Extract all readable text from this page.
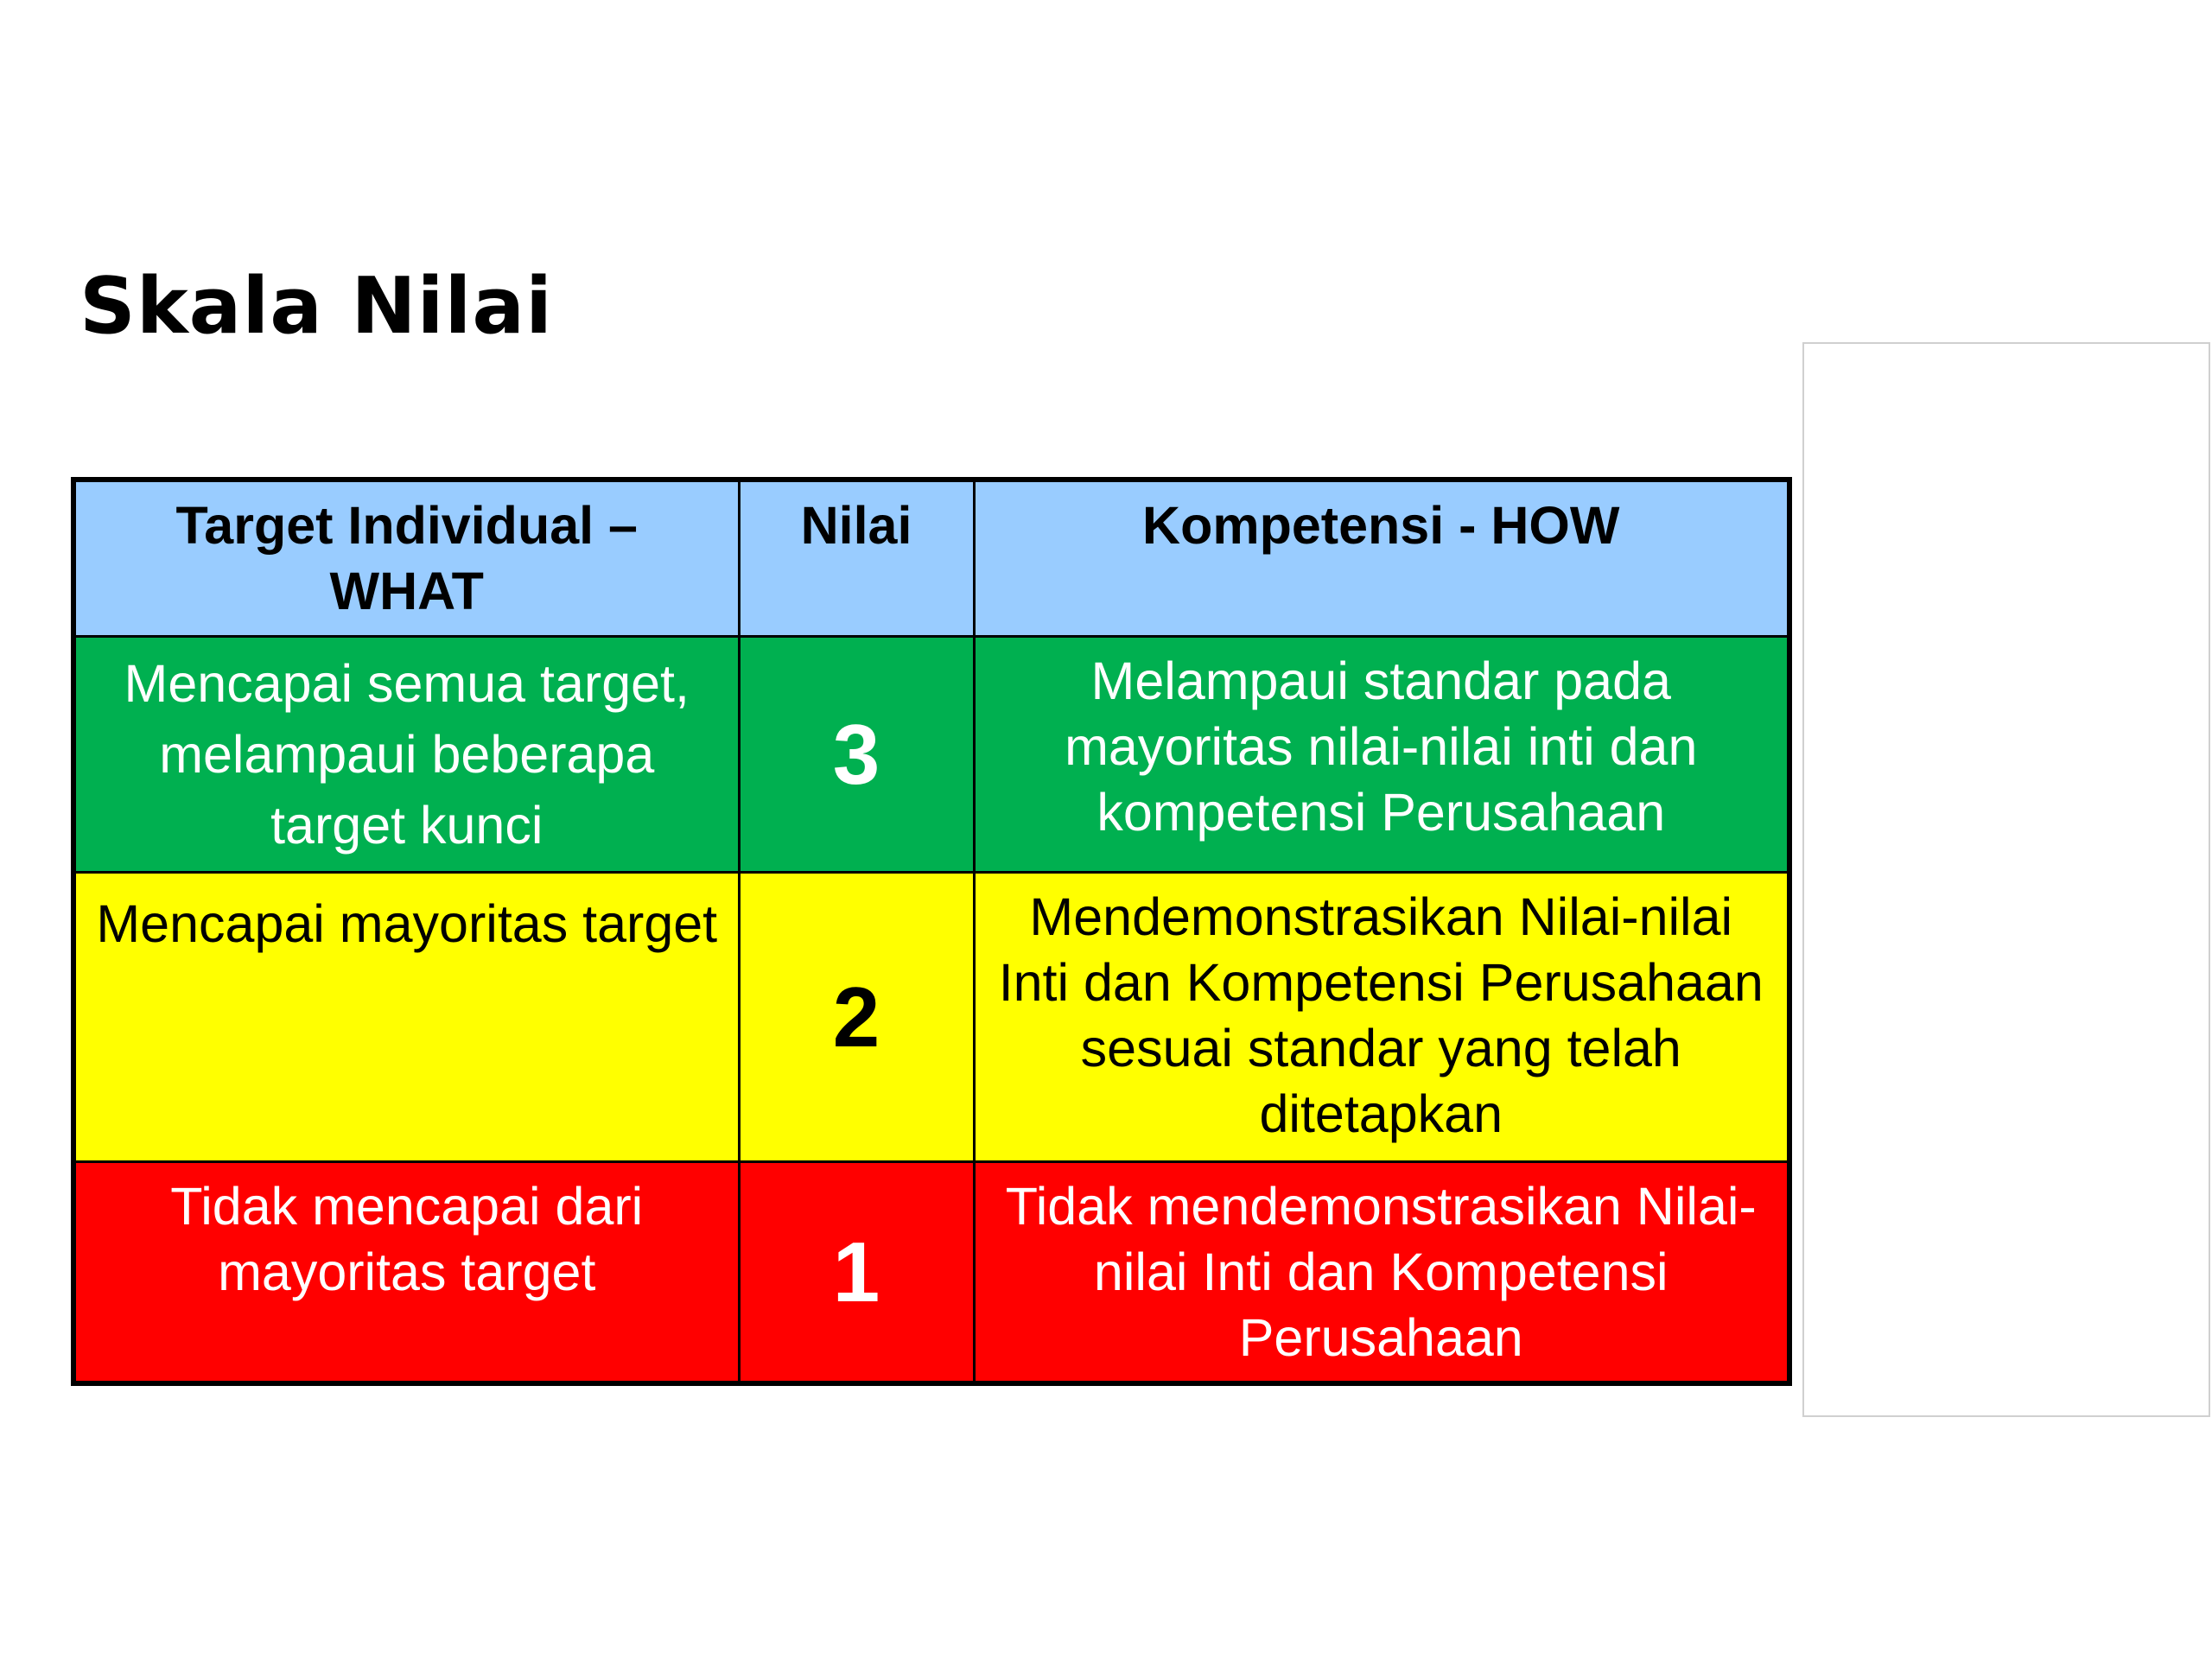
Skala Nilai
Target Individual – WHAT	Nilai	Kompetensi - HOW
Mencapai semua target, melampaui beberapa target kunci	3	Melampaui standar pada mayoritas nilai-nilai inti dan kompetensi Perusahaan
Mencapai mayoritas target	2	Mendemonstrasikan Nilai-nilai Inti dan Kompetensi Perusahaan sesuai standar yang telah ditetapkan
Tidak mencapai dari mayoritas target	1	Tidak mendemonstrasikan Nilai-nilai Inti dan Kompetensi Perusahaan
